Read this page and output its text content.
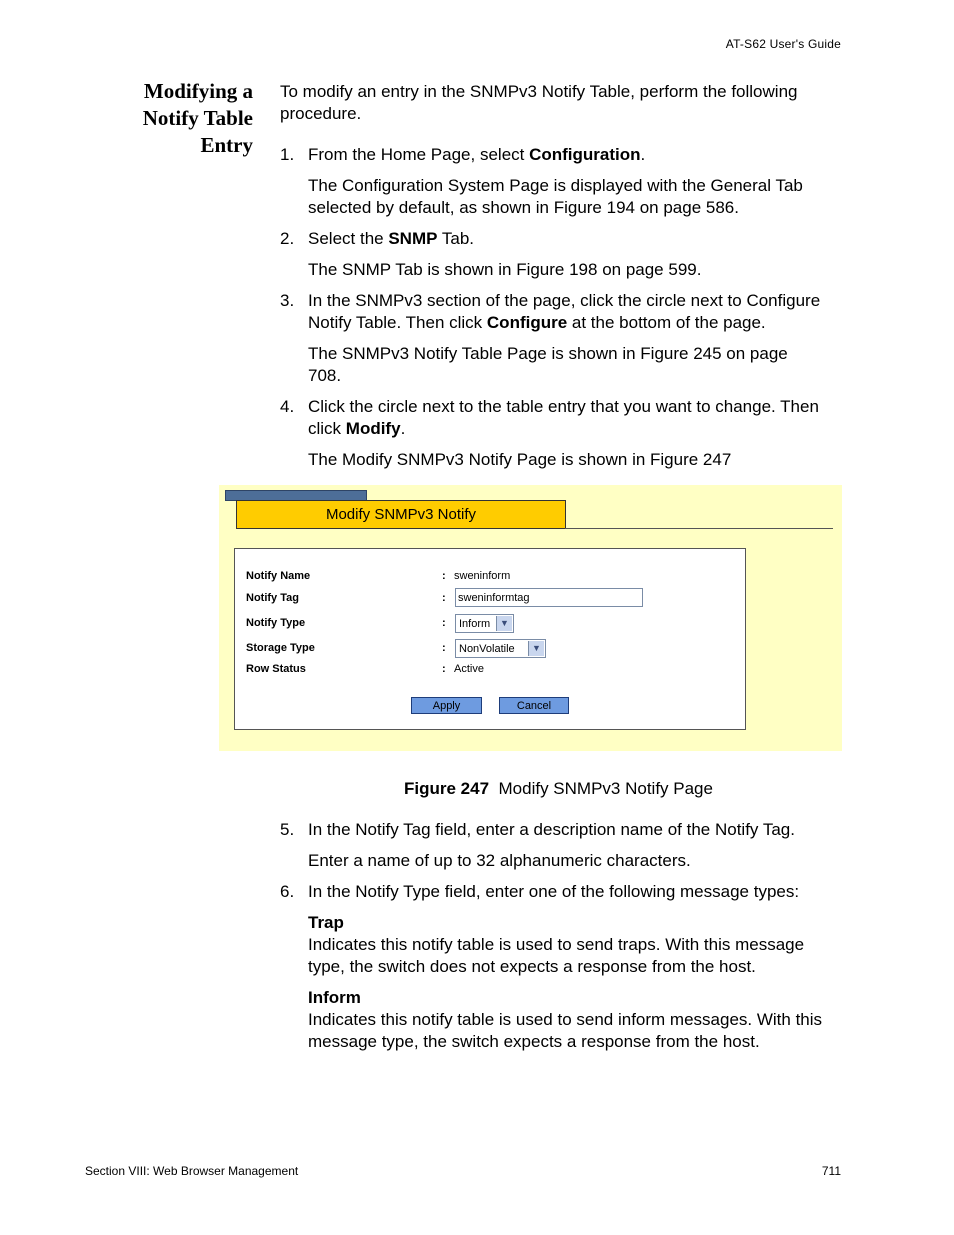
AT-S62 User's Guide
Modifying a
Notify Table
Entry
To modify an entry in the SNMPv3 Notify Table, perform the following procedure.
1. From the Home Page, select Configuration.
The Configuration System Page is displayed with the General Tab selected by default, as shown in Figure 194 on page 586.
2. Select the SNMP Tab.
The SNMP Tab is shown in Figure 198 on page 599.
3. In the SNMPv3 section of the page, click the circle next to Configure Notify Table. Then click Configure at the bottom of the page.
The SNMPv3 Notify Table Page is shown in Figure 245 on page 708.
4. Click the circle next to the table entry that you want to change. Then click Modify.
The Modify SNMPv3 Notify Page is shown in Figure 247
Modify SNMPv3 Notify
Notify Name	: sweninform
Notify Tag	: sweninformtag
Notify Type	:	Inform	▼
Storage Type	:	NonVolatile	▼
Row Status	: Active
Apply	Cancel
Figure 247 Modify SNMPv3 Notify Page
5. In the Notify Tag field, enter a description name of the Notify Tag.
Enter a name of up to 32 alphanumeric characters.
6. In the Notify Type field, enter one of the following message types:
Trap
Indicates this notify table is used to send traps. With this message type, the switch does not expects a response from the host.
Inform
Indicates this notify table is used to send inform messages. With this message type, the switch expects a response from the host.
Section VIII: Web Browser Management	711
